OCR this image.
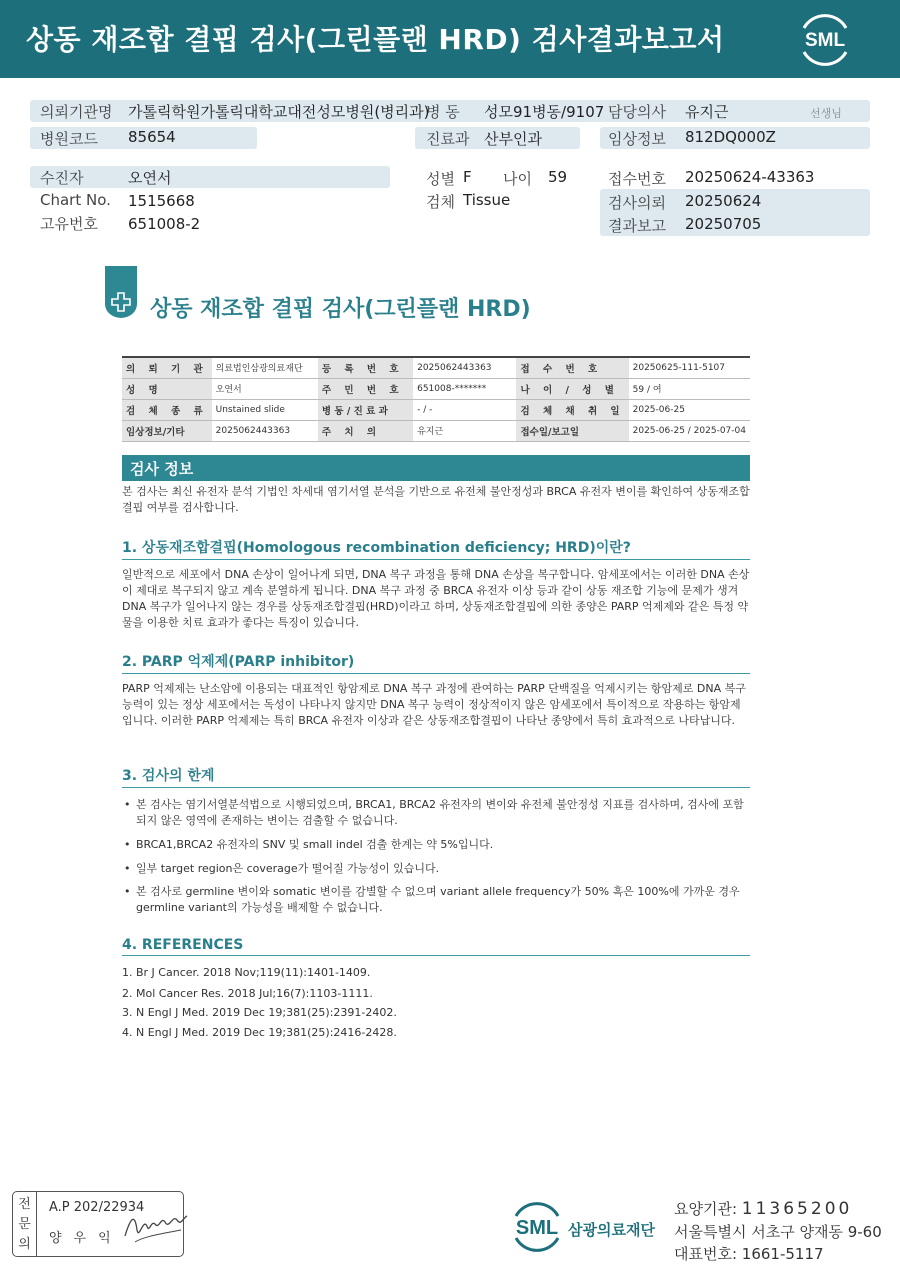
상동 재조합 결핍 검사(그린플랜 HRD) 검사결과보고서	SML
의뢰기관명 가톨릭학원가톨릭대학교대전성모병원(병리과)
병 동 성모91병동/9107 담당의사 유지근	선생님
병원코드 85654	진료과 산부인과	임상정보 812DQ000Z
수진자	오연서	성별 F 나이 59	접수번호 20250624-43363
Chart No. 1515668	검체 Tissue	검사의뢰 20250624
고유번호 651008-2	결과보고 20250705
상동 재조합 결핍 검사(그린플랜 HRD)
의 뢰 기 관	의료법인삼광의료재단	등 록 번 호	2025062443363	접 수 번 호	20250625-111-5107
성 명	오연서	주 민 번 호	651008-*******	나 이 / 성 별	59 / 여
검 체 종 류	Unstained slide	병 동 / 진 료 과	- / -	검 체 채 취 일	2025-06-25
임상정보/기타	2025062443363	주 치 의	유지근	접수일/보고일	2025-06-25 / 2025-07-04
검사 정보
본 검사는 최신 유전자 분석 기법인 차세대 염기서열 분석을 기반으로 유전체 불안정성과 BRCA 유전자 변이를 확인하여 상동재조합결핍 여부를 검사합니다.
1. 상동재조합결핍(Homologous recombination deficiency; HRD)이란?
일반적으로 세포에서 DNA 손상이 일어나게 되면, DNA 복구 과정을 통해 DNA 손상을 복구합니다. 암세포에서는 이러한 DNA 손상이 제대로 복구되지 않고 계속 분열하게 됩니다. DNA 복구 과정 중 BRCA 유전자 이상 등과 같이 상동 재조합 기능에 문제가 생겨 DNA 복구가 일어나지 않는 경우를 상동재조합결핍(HRD)이라고 하며, 상동재조합결핍에 의한 종양은 PARP 억제제와 같은 특정 약물을 이용한 치료 효과가 좋다는 특징이 있습니다.
2. PARP 억제제(PARP inhibitor)
PARP 억제제는 난소암에 이용되는 대표적인 항암제로 DNA 복구 과정에 관여하는 PARP 단백질을 억제시키는 항암제로 DNA 복구 능력이 있는 정상 세포에서는 독성이 나타나지 않지만 DNA 복구 능력이 정상적이지 않은 암세포에서 특이적으로 작용하는 항암제입니다. 이러한 PARP 억제제는 특히 BRCA 유전자 이상과 같은 상동재조합결핍이 나타난 종양에서 특히 효과적으로 나타납니다.
3. 검사의 한계
• 본 검사는 염기서열분석법으로 시행되었으며, BRCA1, BRCA2 유전자의 변이와 유전체 불안정성 지표를 검사하며, 검사에 포함되지 않은 영역에 존재하는 변이는 검출할 수 없습니다.
• BRCA1,BRCA2 유전자의 SNV 및 small indel 검출 한계는 약 5%입니다.
• 일부 target region은 coverage가 떨어질 가능성이 있습니다.
• 본 검사로 germline 변이와 somatic 변이를 감별할 수 없으며 variant allele frequency가 50% 혹은 100%에 가까운 경우 germline variant의 가능성을 배제할 수 없습니다.
4. REFERENCES
1. Br J Cancer. 2018 Nov;119(11):1401-1409.
2. Mol Cancer Res. 2018 Jul;16(7):1103-1111.
3. N Engl J Med. 2019 Dec 19;381(25):2391-2402.
4. N Engl J Med. 2019 Dec 19;381(25):2416-2428.
전
문
의
A.P 202/22934
양우익	SML 삼광의료재단
요양기관: 11365200
서울특별시 서초구 양재동 9-60
대표번호: 1661-5117
